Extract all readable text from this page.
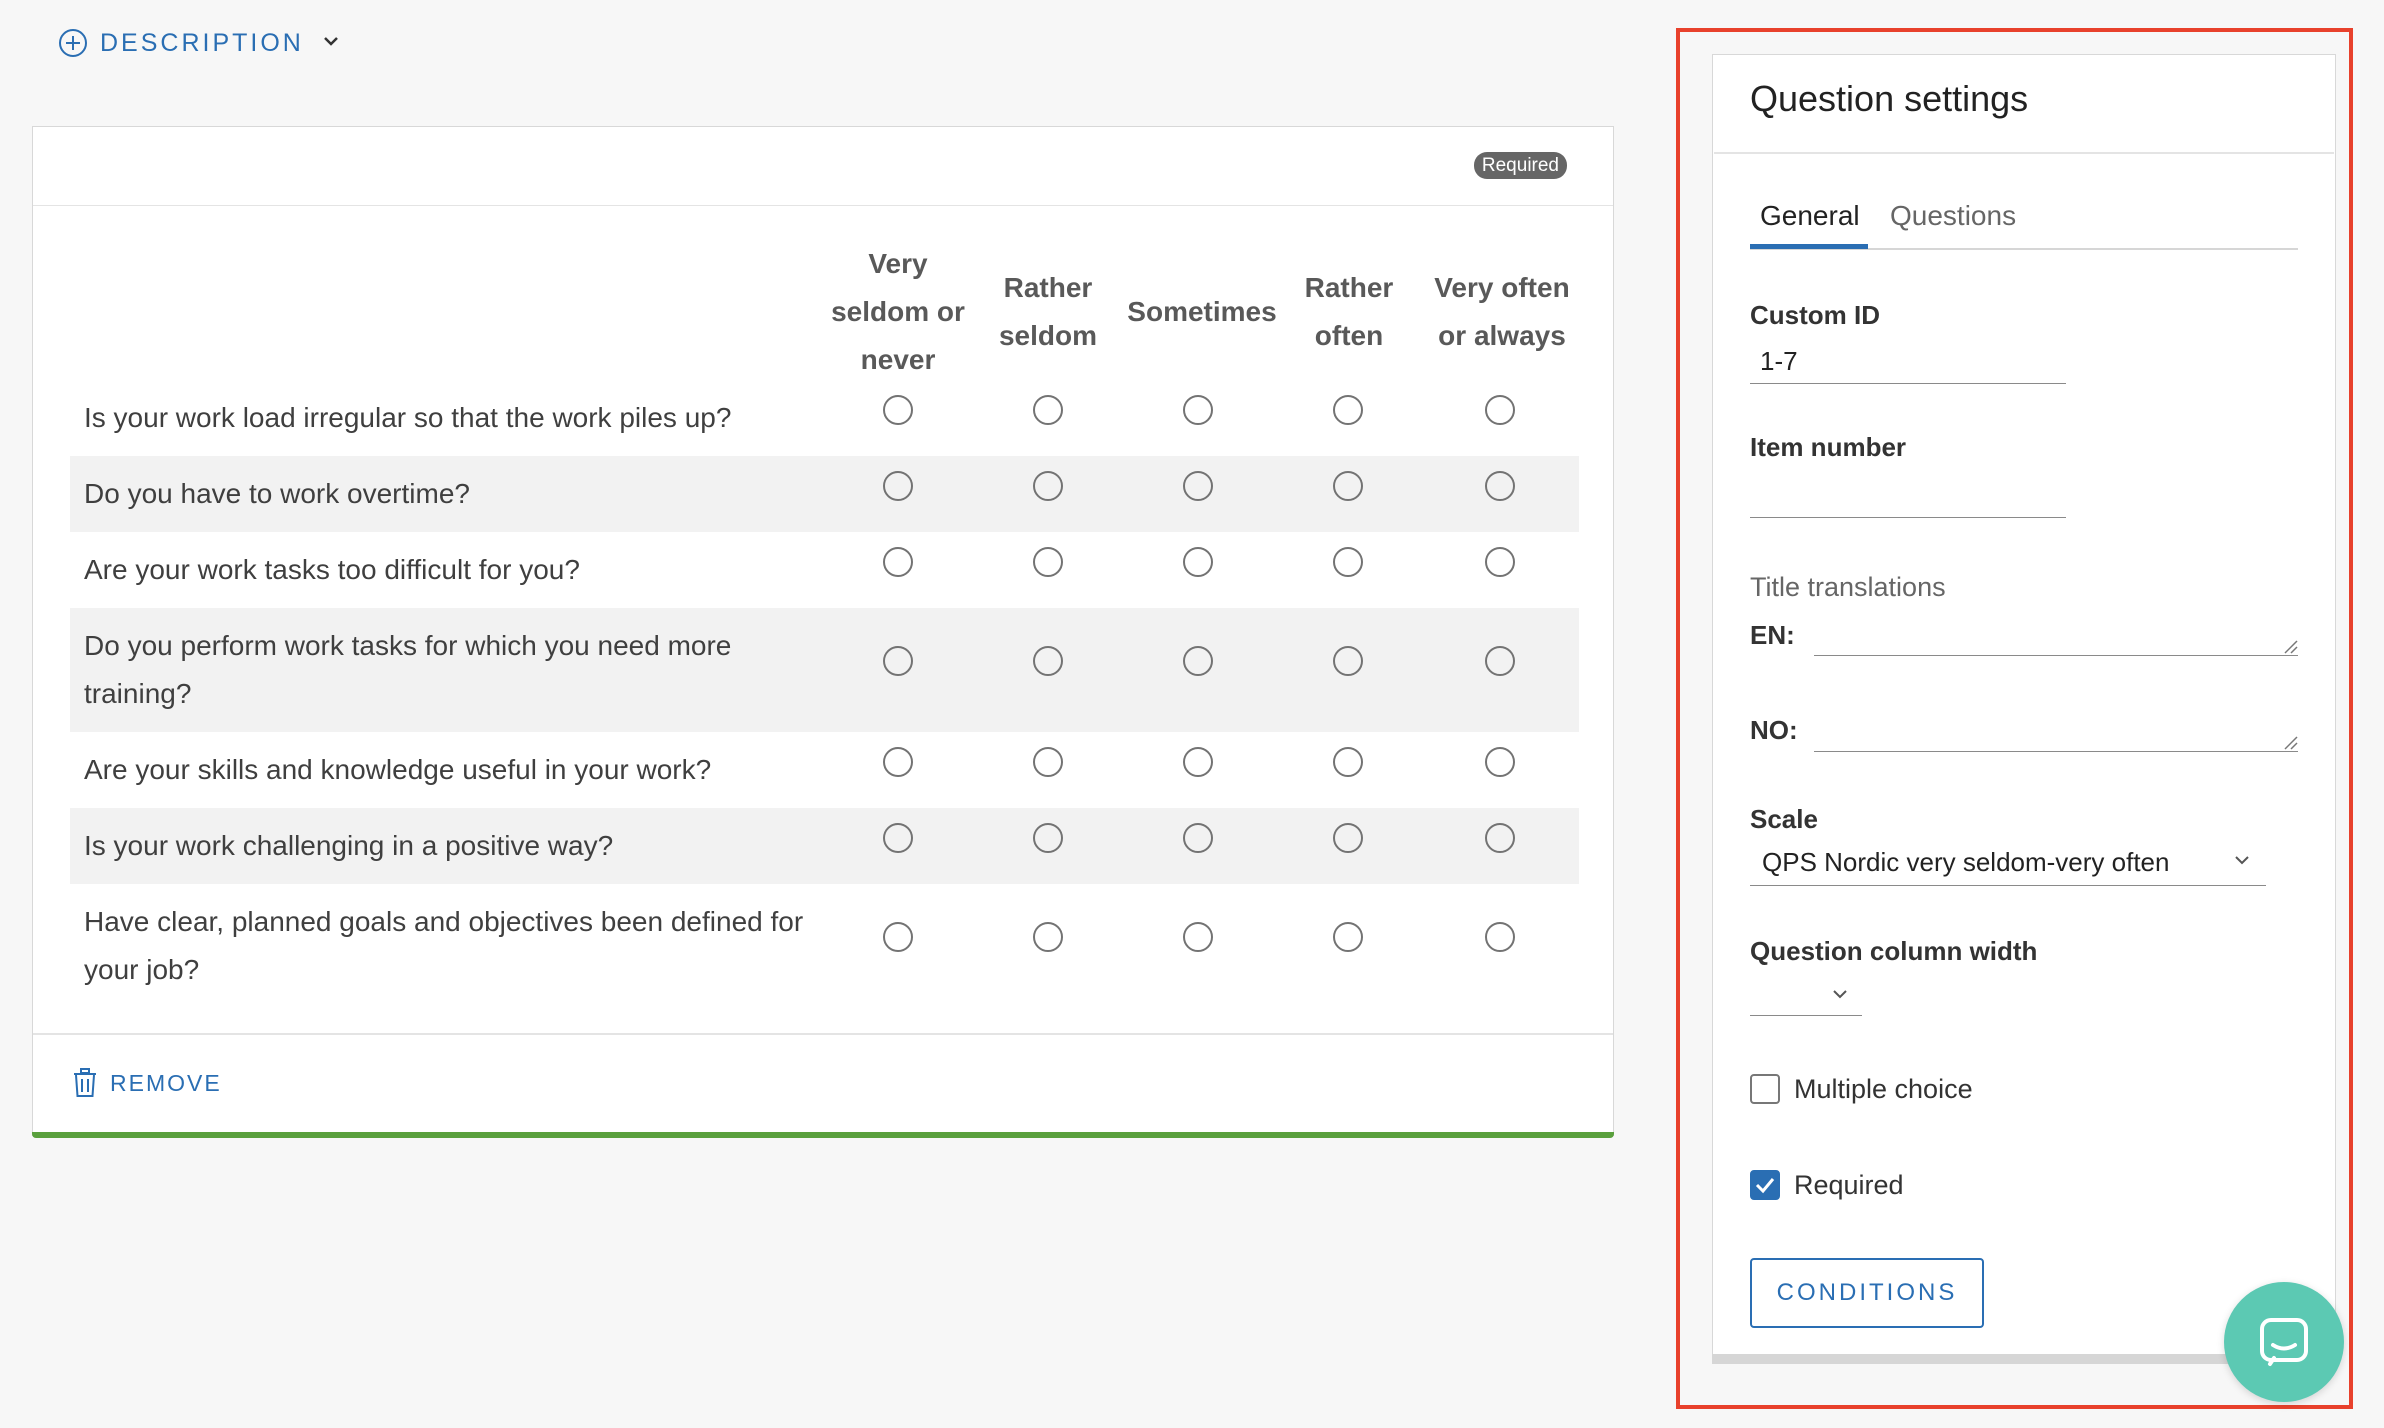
DESCRIPTION
Required
Very
seldom or
never
Rather
seldom
Sometimes
Rather
often
Very often
or always
Is your work load irregular so that the work piles up?
Do you have to work overtime?
Are your work tasks too difficult for you?
Do you perform work tasks for which you need more training?
Are your skills and knowledge useful in your work?
Is your work challenging in a positive way?
Have clear, planned goals and objectives been defined for your job?
REMOVE
Question settings
General Questions
Custom ID
1-7
Item number
Title translations
EN:
NO:
Scale
QPS Nordic very seldom-very often
Question column width
Multiple choice
Required
CONDITIONS
